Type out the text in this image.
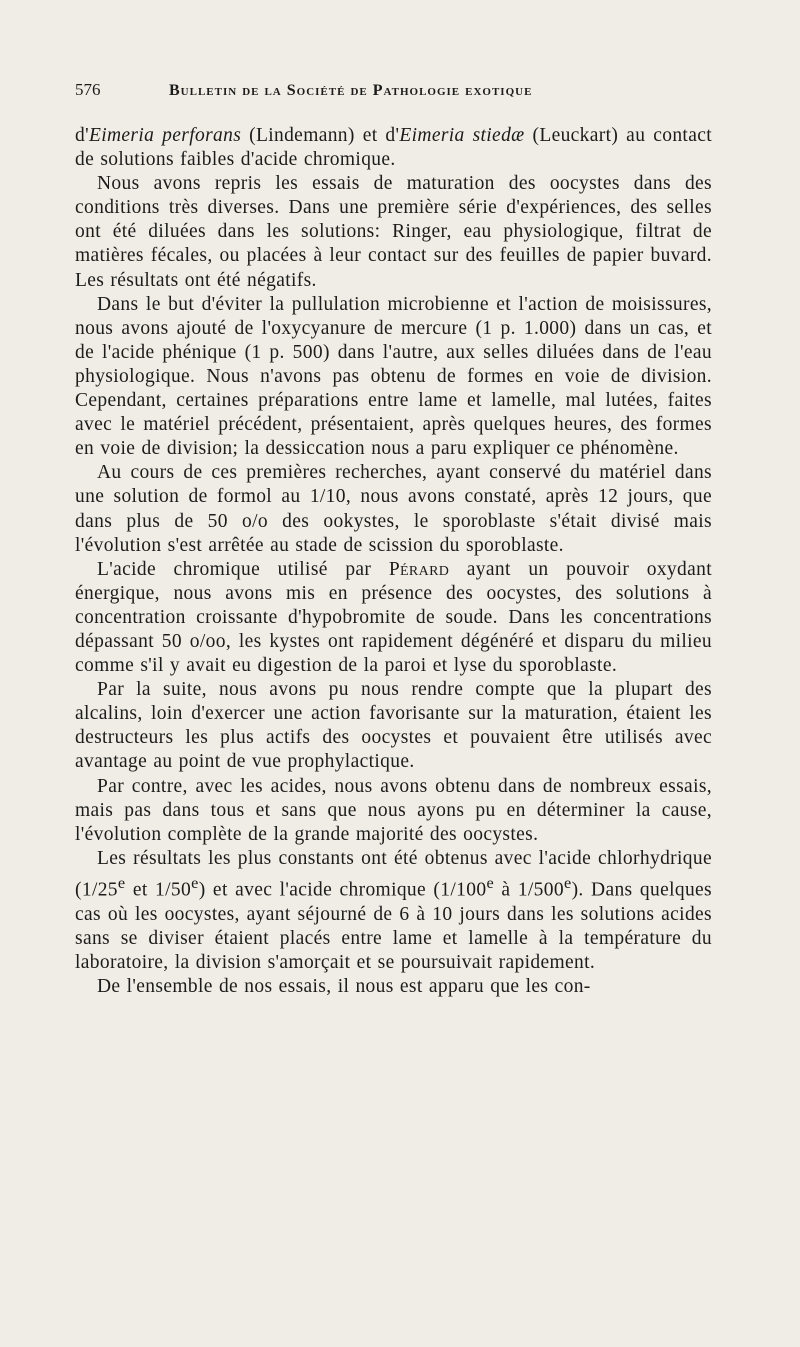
576	Bulletin de la Société de Pathologie exotique

d'Eimeria perforans (Lindemann) et d'Eimeria stiedæ (Leuckart) au contact de solutions faibles d'acide chromique.

Nous avons repris les essais de maturation des oocystes dans des conditions très diverses. Dans une première série d'expériences, des selles ont été diluées dans les solutions: Ringer, eau physiologique, filtrat de matières fécales, ou placées à leur contact sur des feuilles de papier buvard. Les résultats ont été négatifs.

Dans le but d'éviter la pullulation microbienne et l'action de moisissures, nous avons ajouté de l'oxycyanure de mercure (1 p. 1.000) dans un cas, et de l'acide phénique (1 p. 500) dans l'autre, aux selles diluées dans de l'eau physiologique. Nous n'avons pas obtenu de formes en voie de division. Cependant, certaines préparations entre lame et lamelle, mal lutées, faites avec le matériel précédent, présentaient, après quelques heures, des formes en voie de division; la dessiccation nous a paru expliquer ce phénomène.

Au cours de ces premières recherches, ayant conservé du matériel dans une solution de formol au 1/10, nous avons constaté, après 12 jours, que dans plus de 50 o/o des ookystes, le sporoblaste s'était divisé mais l'évolution s'est arrêtée au stade de scission du sporoblaste.

L'acide chromique utilisé par Pérard ayant un pouvoir oxydant énergique, nous avons mis en présence des oocystes, des solutions à concentration croissante d'hypobromite de soude. Dans les concentrations dépassant 50 o/oo, les kystes ont rapidement dégénéré et disparu du milieu comme s'il y avait eu digestion de la paroi et lyse du sporoblaste.

Par la suite, nous avons pu nous rendre compte que la plupart des alcalins, loin d'exercer une action favorisante sur la maturation, étaient les destructeurs les plus actifs des oocystes et pouvaient être utilisés avec avantage au point de vue prophylactique.

Par contre, avec les acides, nous avons obtenu dans de nombreux essais, mais pas dans tous et sans que nous ayons pu en déterminer la cause, l'évolution complète de la grande majorité des oocystes.

Les résultats les plus constants ont été obtenus avec l'acide chlorhydrique (1/25e et 1/50e) et avec l'acide chromique (1/100e à 1/500e). Dans quelques cas où les oocystes, ayant séjourné de 6 à 10 jours dans les solutions acides sans se diviser étaient placés entre lame et lamelle à la température du laboratoire, la division s'amorçait et se poursuivait rapidement.

De l'ensemble de nos essais, il nous est apparu que les con-
